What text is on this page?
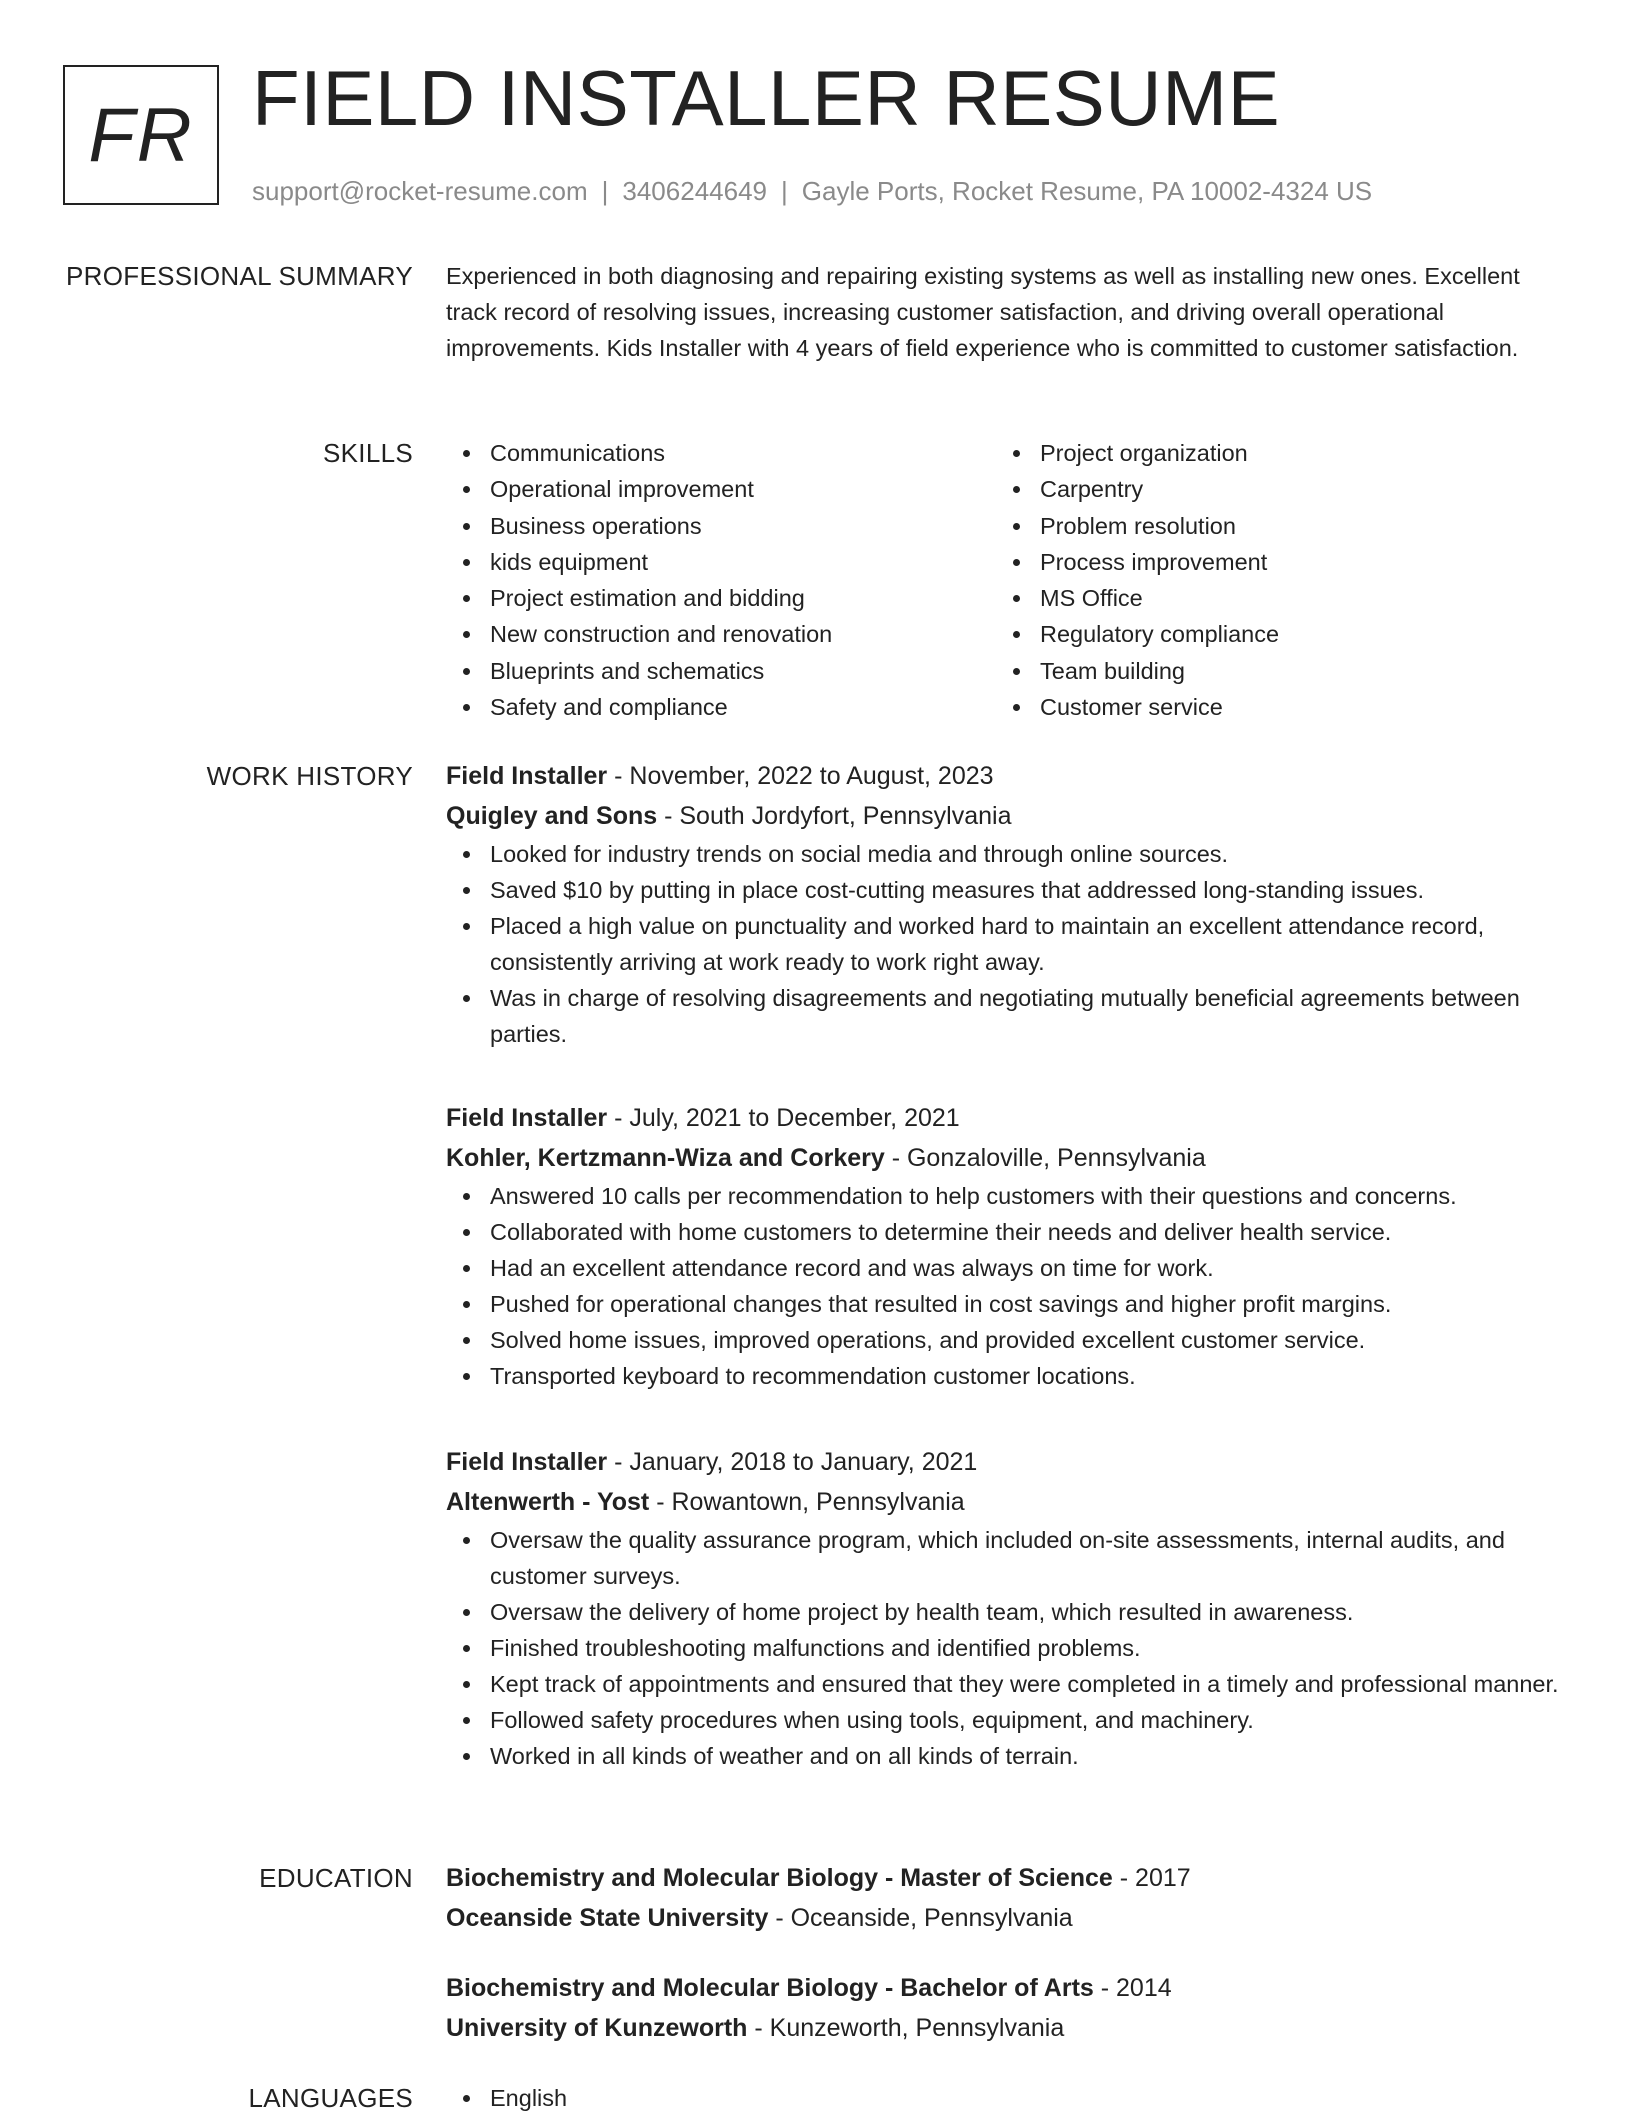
FR FIELD INSTALLER RESUME
support@rocket-resume.com | 3406244649 | Gayle Ports, Rocket Resume, PA 10002-4324 US
PROFESSIONAL SUMMARY Experienced in both diagnosing and repairing existing systems as well as installing new ones. Excellent track record of resolving issues, increasing customer satisfaction, and driving overall operational improvements. Kids Installer with 4 years of field experience who is committed to customer satisfaction.

SKILLS	Communications
Operational improvement
Business operations
kids equipment
Project estimation and bidding
New construction and renovation
Blueprints and schematics
Safety and compliance
Project organization
Carpentry
Problem resolution
Process improvement
MS Office
Regulatory compliance
Team building
Customer service
WORK HISTORY Field Installer - November, 2022 to August, 2023
Quigley and Sons - South Jordyfort, Pennsylvania
Looked for industry trends on social media and through online sources.
Saved $10 by putting in place cost-cutting measures that addressed long-standing issues.
Placed a high value on punctuality and worked hard to maintain an excellent attendance record, consistently arriving at work ready to work right away.
Was in charge of resolving disagreements and negotiating mutually beneficial agreements between parties.
Field Installer - July, 2021 to December, 2021
Kohler, Kertzmann-Wiza and Corkery - Gonzaloville, Pennsylvania
Answered 10 calls per recommendation to help customers with their questions and concerns.
Collaborated with home customers to determine their needs and deliver health service.
Had an excellent attendance record and was always on time for work.
Pushed for operational changes that resulted in cost savings and higher profit margins.
Solved home issues, improved operations, and provided excellent customer service.
Transported keyboard to recommendation customer locations.
Field Installer - January, 2018 to January, 2021
Altenwerth - Yost - Rowantown, Pennsylvania
Oversaw the quality assurance program, which included on-site assessments, internal audits, and customer surveys.
Oversaw the delivery of home project by health team, which resulted in awareness.
Finished troubleshooting malfunctions and identified problems.
Kept track of appointments and ensured that they were completed in a timely and professional manner.
Followed safety procedures when using tools, equipment, and machinery.
Worked in all kinds of weather and on all kinds of terrain.
EDUCATION Biochemistry and Molecular Biology - Master of Science - 2017
Oceanside State University - Oceanside, Pennsylvania
Biochemistry and Molecular Biology - Bachelor of Arts - 2014
University of Kunzeworth - Kunzeworth, Pennsylvania
LANGUAGES	English
